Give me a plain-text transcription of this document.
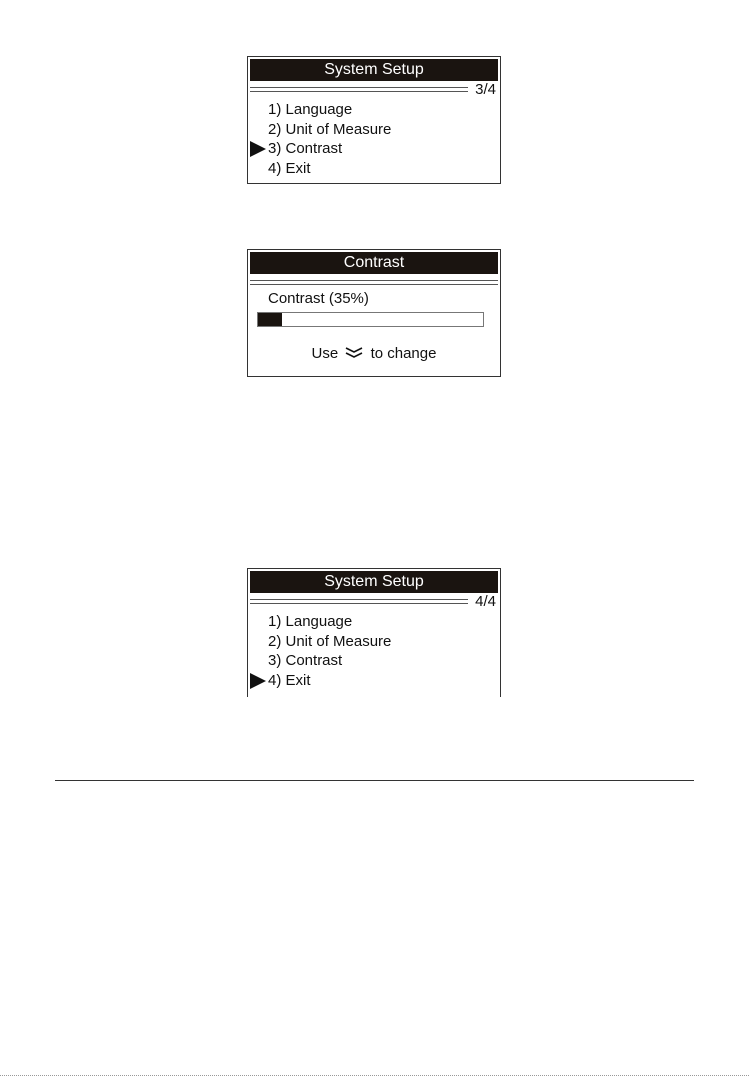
System Setup
3/4
1) Language
2) Unit of Measure
3) Contrast
4) Exit
Contrast
Contrast (35%)
Use to change
System Setup
4/4
1) Language
2) Unit of Measure
3) Contrast
4) Exit
